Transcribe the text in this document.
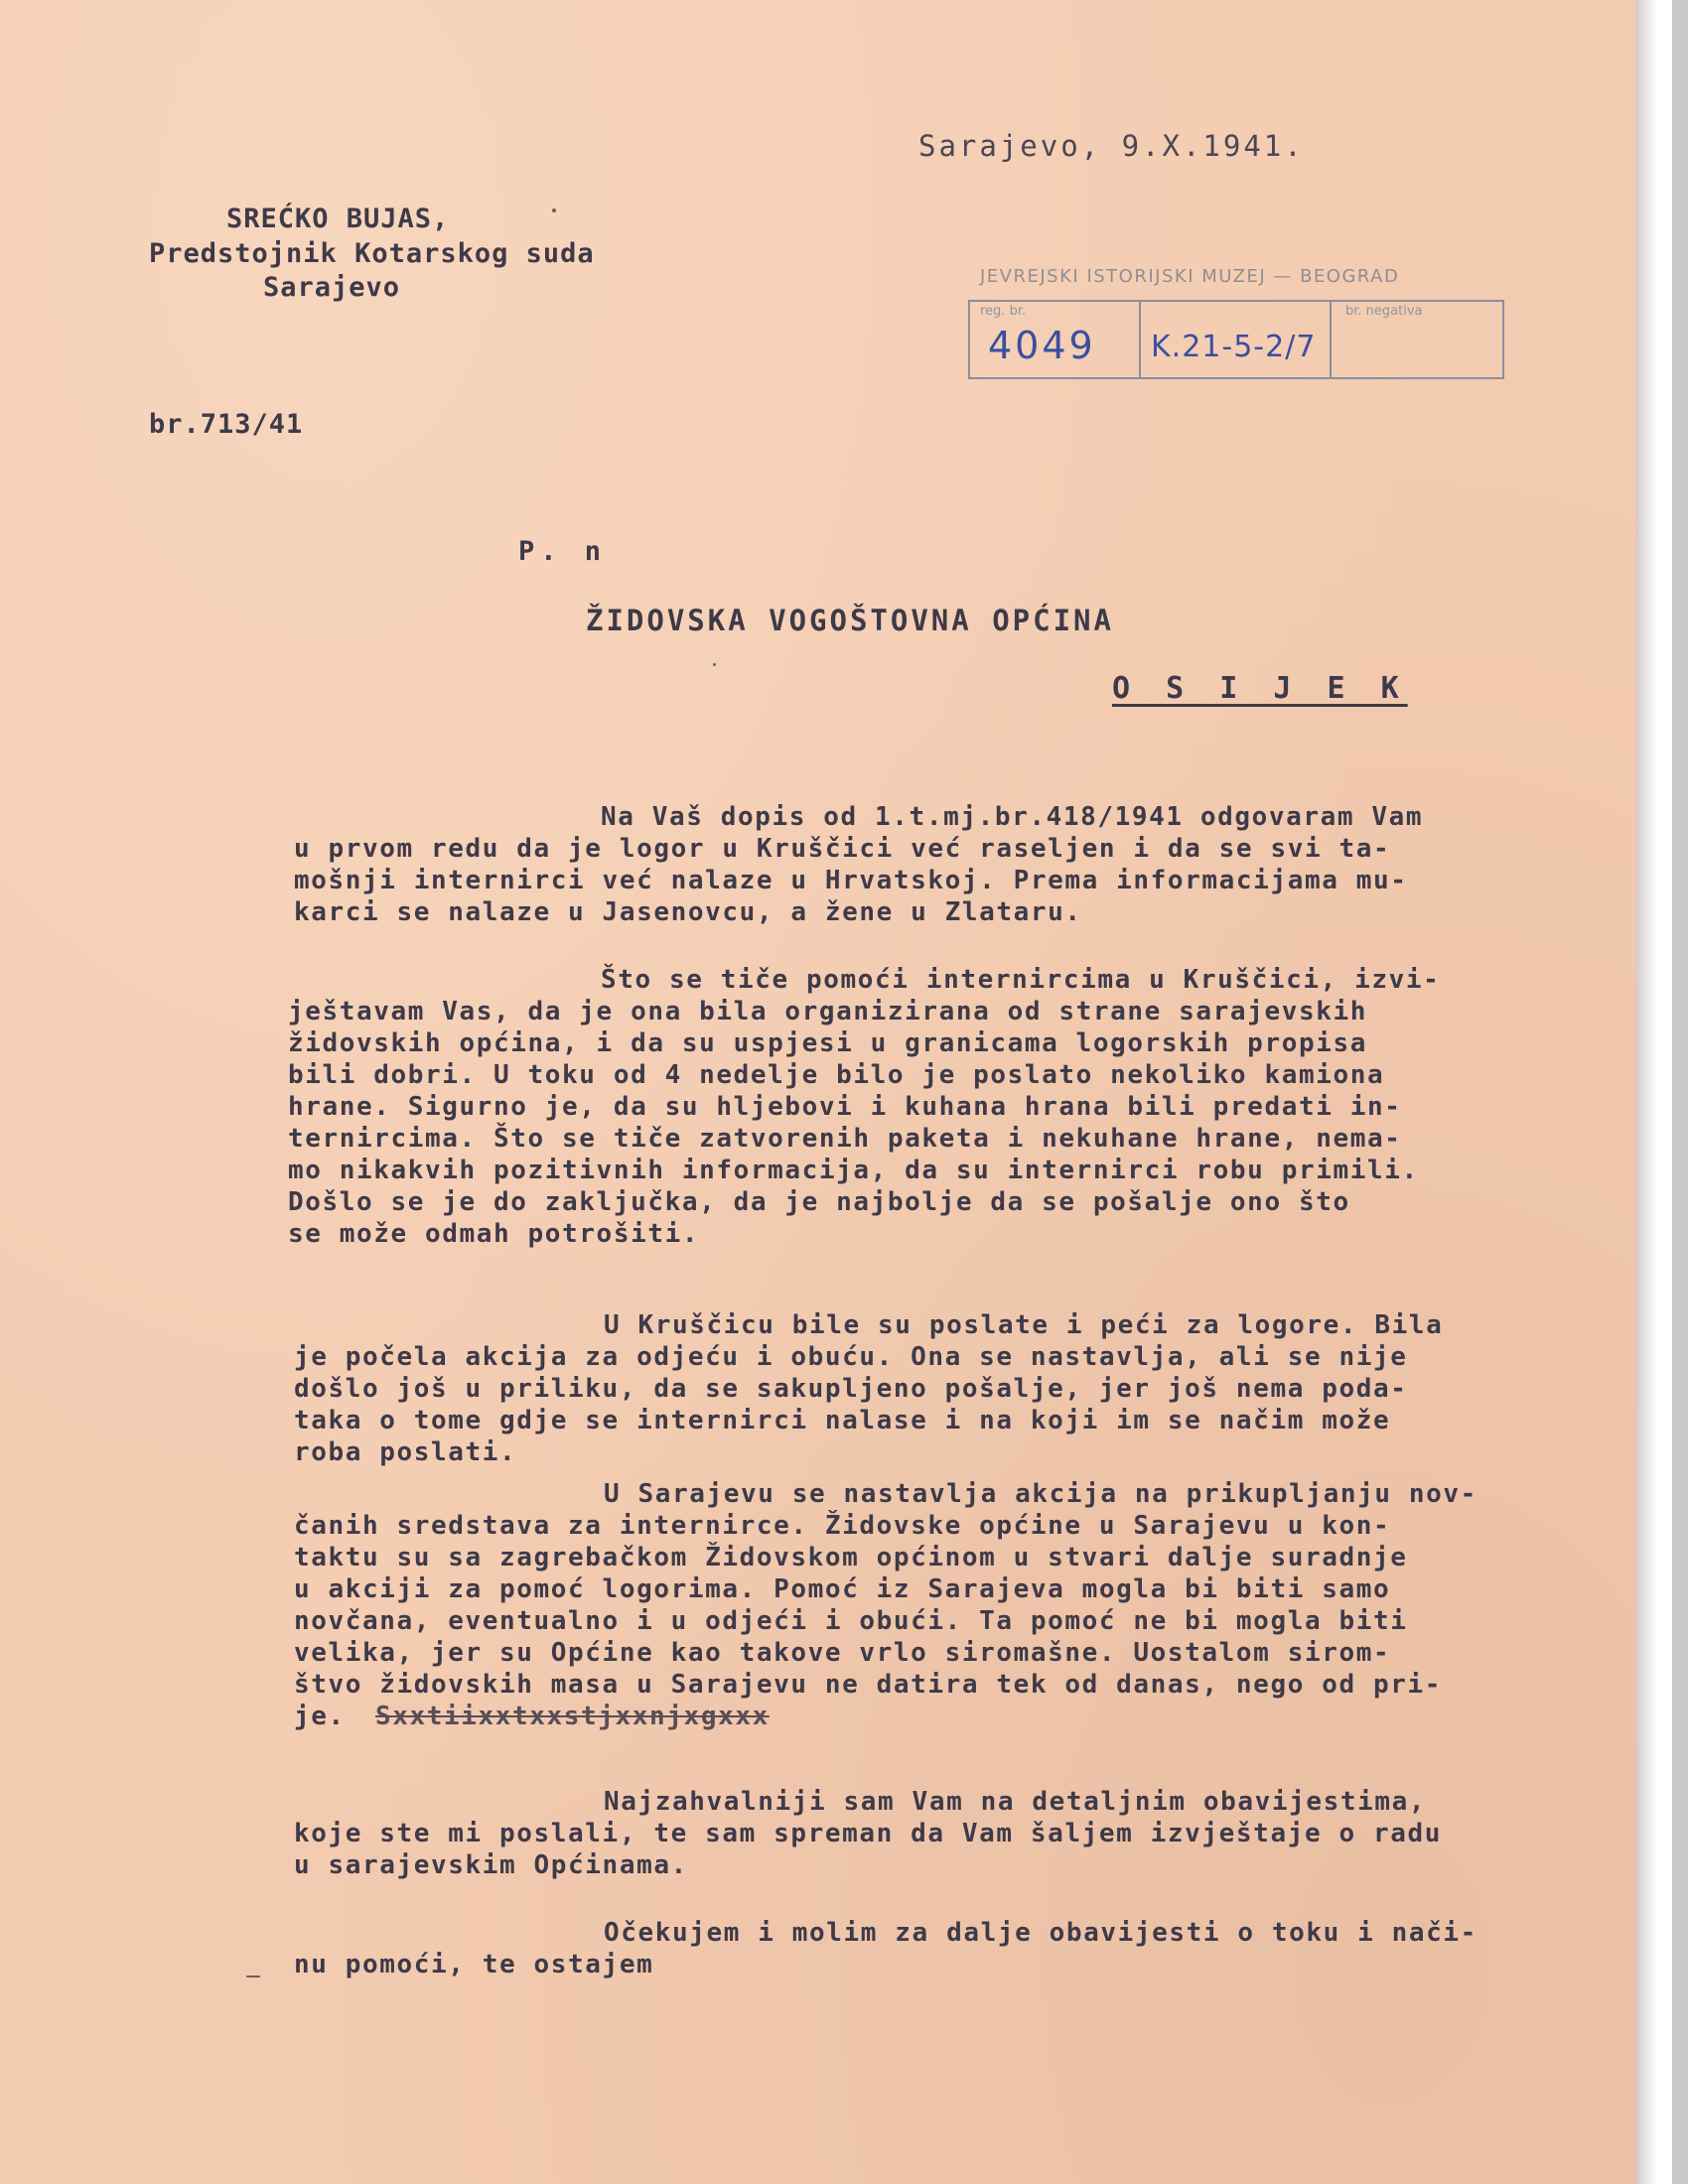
Sarajevo, 9.X.1941.
SREĆKO BUJAS,
Predstojnik Kotarskog suda
Sarajevo
br.713/41
JEVREJSKI ISTORIJSKI MUZEJ — BEOGRAD
reg. br.
4049 K.21-5-2/7
br. negativa
P. n
ŽIDOVSKA VOGOŠTOVNA OPĆINA
O S I J E K
Na Vaš dopis od 1.t.mj.br.418/1941 odgovaram Vam
u prvom redu da je logor u Kruščici već raseljen i da se svi ta-
mošnji internirci već nalaze u Hrvatskoj. Prema informacijama mu-
karci se nalaze u Jasenovcu, a žene u Zlataru.
Što se tiče pomoći internircima u Kruščici, izvi-
ještavam Vas, da je ona bila organizirana od strane sarajevskih
židovskih općina, i da su uspjesi u granicama logorskih propisa
bili dobri. U toku od 4 nedelje bilo je poslato nekoliko kamiona
hrane. Sigurno je, da su hljebovi i kuhana hrana bili predati in-
ternircima. Što se tiče zatvorenih paketa i nekuhane hrane, nema-
mo nikakvih pozitivnih informacija, da su internirci robu primili.
Došlo se je do zaključka, da je najbolje da se pošalje ono što
se može odmah potrošiti.
U Kruščicu bile su poslate i peći za logore. Bila
je počela akcija za odjeću i obuću. Ona se nastavlja, ali se nije
došlo još u priliku, da se sakupljeno pošalje, jer još nema poda-
taka o tome gdje se internirci nalase i na koji im se načim može
roba poslati.
U Sarajevu se nastavlja akcija na prikupljanju nov-
čanih sredstava za internirce. Židovske općine u Sarajevu u kon-
taktu su sa zagrebačkom Židovskom općinom u stvari dalje suradnje
u akciji za pomoć logorima. Pomoć iz Sarajeva mogla bi biti samo
novčana, eventualno i u odjeći i obući. Ta pomoć ne bi mogla biti
velika, jer su Općine kao takove vrlo siromašne. Uostalom sirom-
štvo židovskih masa u Sarajevu ne datira tek od danas, nego od pri-
je. Sxxtiixxtxxstjxxnjxgxxx
Najzahvalniji sam Vam na detaljnim obavijestima,
koje ste mi poslali, te sam spreman da Vam šaljem izvještaje o radu
u sarajevskim Općinama.
Očekujem i molim za dalje obavijesti o toku i nači-
nu pomoći, te ostajem
